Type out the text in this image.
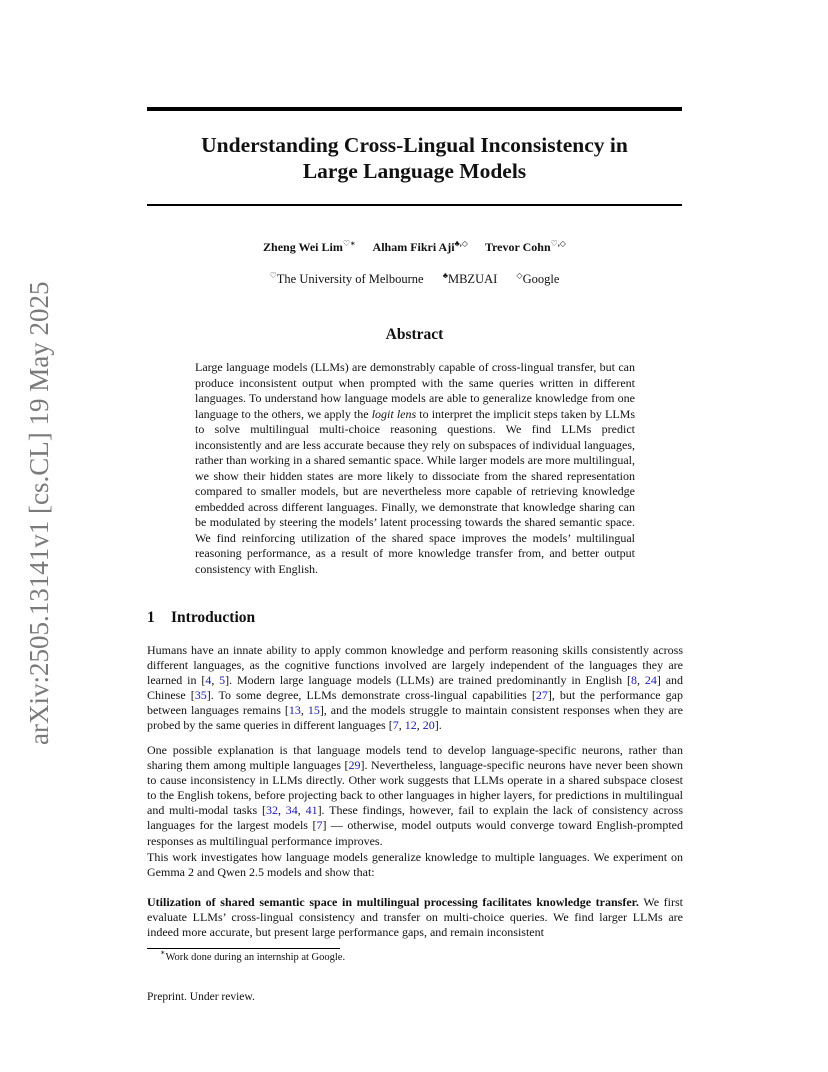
arXiv:2505.13141v1 [cs.CL] 19 May 2025
Understanding Cross-Lingual Inconsistency in
Large Language Models
Zheng Wei Lim♡∗ Alham Fikri Aji♣,◇ Trevor Cohn♡,◇
♡The University of Melbourne ♣MBZUAI ◇Google
Abstract
Large language models (LLMs) are demonstrably capable of cross-lingual transfer, but can produce inconsistent output when prompted with the same queries written in different languages. To understand how language models are able to generalize knowledge from one language to the others, we apply the logit lens to interpret the implicit steps taken by LLMs to solve multilingual multi-choice reasoning questions. We find LLMs predict inconsistently and are less accurate because they rely on subspaces of individual languages, rather than working in a shared semantic space. While larger models are more multilingual, we show their hidden states are more likely to dissociate from the shared representation compared to smaller models, but are nevertheless more capable of retrieving knowledge embedded across different languages. Finally, we demonstrate that knowledge sharing can be modulated by steering the models’ latent processing towards the shared semantic space. We find reinforcing utilization of the shared space improves the models’ multilingual reasoning performance, as a result of more knowledge transfer from, and better output consistency with English.
1 Introduction
Humans have an innate ability to apply common knowledge and perform reasoning skills consistently across different languages, as the cognitive functions involved are largely independent of the languages they are learned in [4, 5]. Modern large language models (LLMs) are trained predominantly in English [8, 24] and Chinese [35]. To some degree, LLMs demonstrate cross-lingual capabilities [27], but the performance gap between languages remains [13, 15], and the models struggle to maintain consistent responses when they are probed by the same queries in different languages [7, 12, 20].
One possible explanation is that language models tend to develop language-specific neurons, rather than sharing them among multiple languages [29]. Nevertheless, language-specific neurons have never been shown to cause inconsistency in LLMs directly. Other work suggests that LLMs operate in a shared subspace closest to the English tokens, before projecting back to other languages in higher layers, for predictions in multilingual and multi-modal tasks [32, 34, 41]. These findings, however, fail to explain the lack of consistency across languages for the largest models [7] — otherwise, model outputs would converge toward English-prompted responses as multilingual performance improves.
This work investigates how language models generalize knowledge to multiple languages. We experiment on Gemma 2 and Qwen 2.5 models and show that:
Utilization of shared semantic space in multilingual processing facilitates knowledge transfer. We first evaluate LLMs’ cross-lingual consistency and transfer on multi-choice queries. We find larger LLMs are indeed more accurate, but present large performance gaps, and remain inconsistent
∗Work done during an internship at Google.
Preprint. Under review.
